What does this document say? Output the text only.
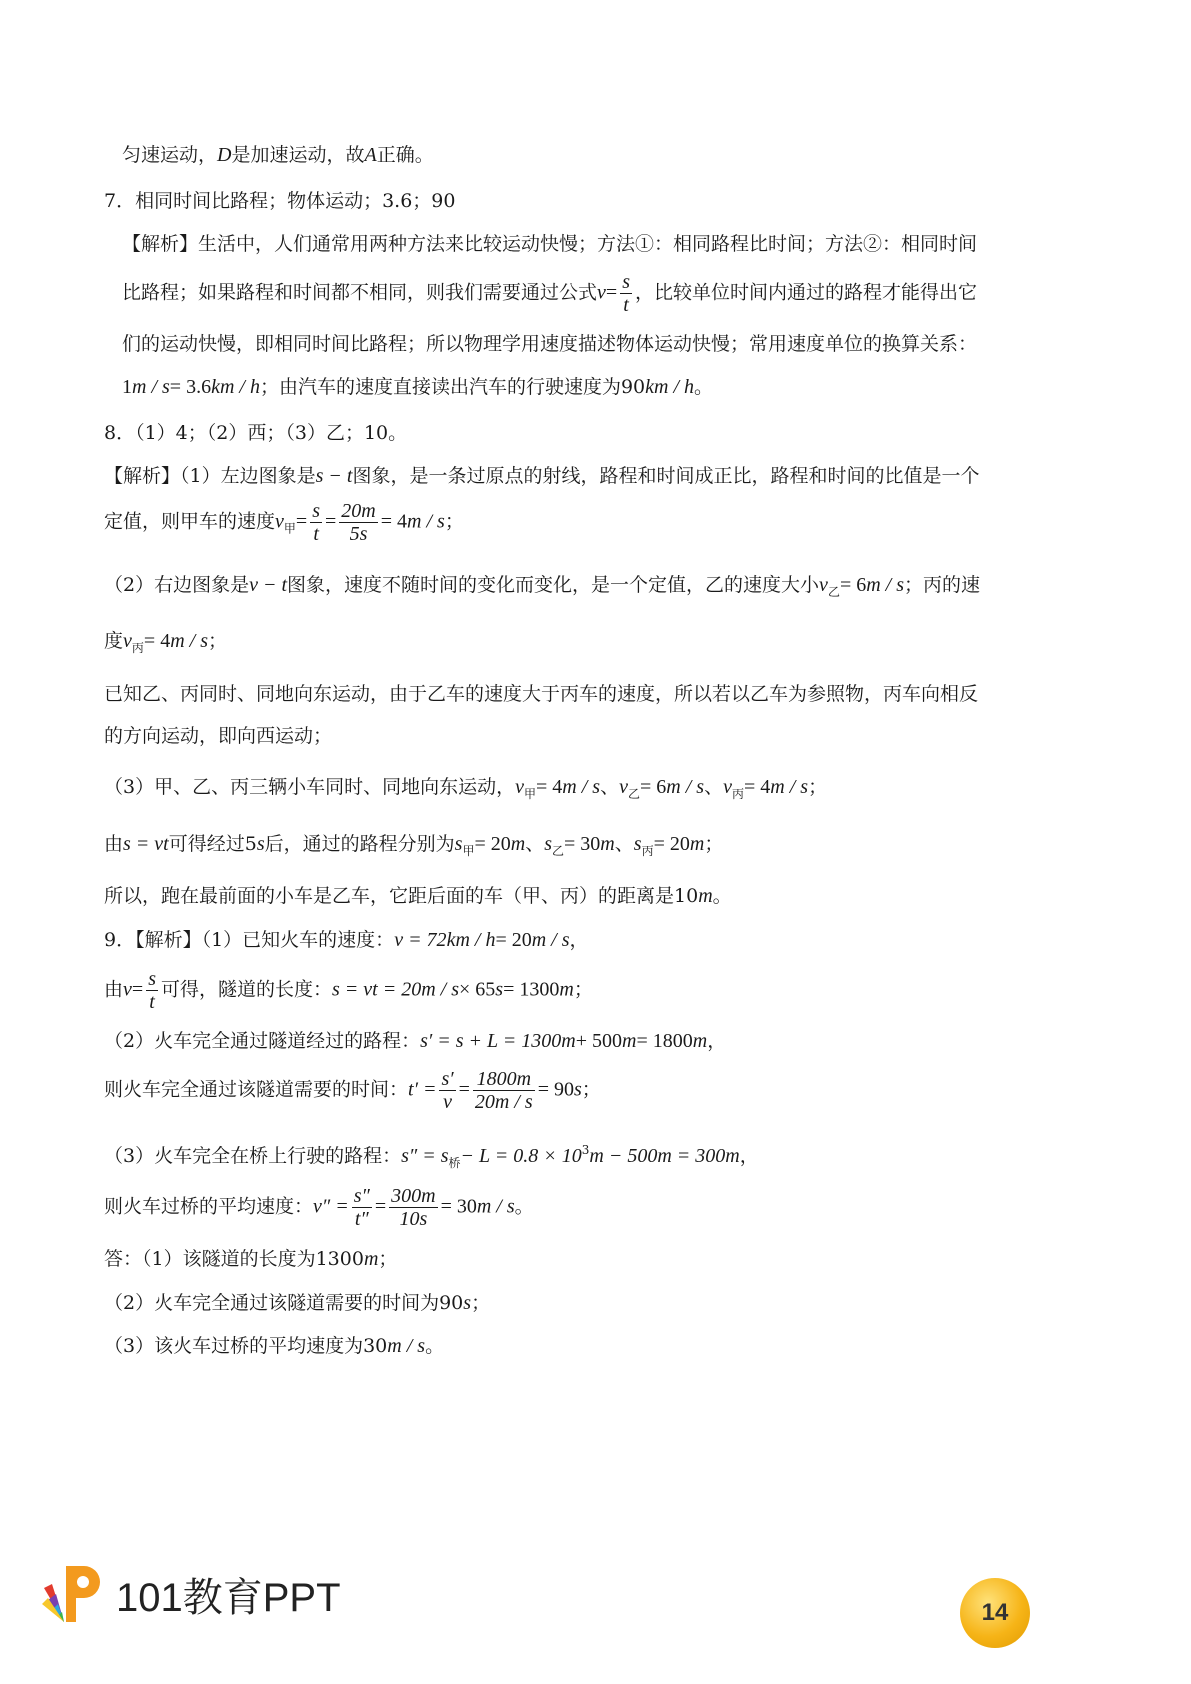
匀速运动，D是加速运动，故A正确。
7．相同时间比路程；物体运动；3.6；90
【解析】生活中，人们通常用两种方法来比较运动快慢；方法①：相同路程比时间；方法②：相同时间
比路程；如果路程和时间都不相同，则我们需要通过公式$v= \frac{s}{t}$ ，比较单位时间内通过的路程才能得出它
们的运动快慢，即相同时间比路程；所以物理学用速度描述物体运动快慢；常用速度单位的换算关系：
1m / s= 3.6km / h；由汽车的速度直接读出汽车的行驶速度为90km / h。
8．（1）4；（2）西；（3）乙；10。
【解析】（1）左边图象是s − t图象，是一条过原点的射线，路程和时间成正比，路程和时间的比值是一个
定值，则甲车的速度$v_甲= \frac{s}{t} = \frac{20m}{5s} = 4m / s$；
（2）右边图象是v − t图象，速度不随时间的变化而变化，是一个定值，乙的速度大小$v_乙= 6m / s$；丙的速
度$v_丙= 4m / s$；
已知乙、丙同时、同地向东运动，由于乙车的速度大于丙车的速度，所以若以乙车为参照物，丙车向相反
的方向运动，即向西运动；
（3）甲、乙、丙三辆小车同时、同地向东运动，$v_甲= 4m / s$、$v_乙= 6m / s$、$v_丙= 4m / s$；
由s = vt可得经过5s后，通过的路程分别为$s_甲= 20m$、$s_乙= 30m$、$s_丙= 20m$；
所以，跑在最前面的小车是乙车，它距后面的车（甲、丙）的距离是10m。
9．【解析】（1）已知火车的速度：v = 72km / h= 20m / s，
由$v= \frac{s}{t}$ 可得，隧道的长度：s = vt = 20m / s× 65s= 1300m；
（2）火车完全通过隧道经过的路程：s′ = s + L = 1300m+ 500m= 1800m，
则火车完全通过该隧道需要的时间：$t' = \frac{s'}{v} = \frac{1800m}{20m / s} = 90s$；
（3）火车完全在桥上行驶的路程：$s'' = s_桥- L = 0.8 \times 10^3m - 500m = 300m$，
则火车过桥的平均速度：$v'' = \frac{s''}{t''} = \frac{300m}{10s} = 30m / s$。
答：（1）该隧道的长度为1300m；
（2）火车完全通过该隧道需要的时间为90s；
（3）该火车过桥的平均速度为30m / s。
101教育PPT	14
